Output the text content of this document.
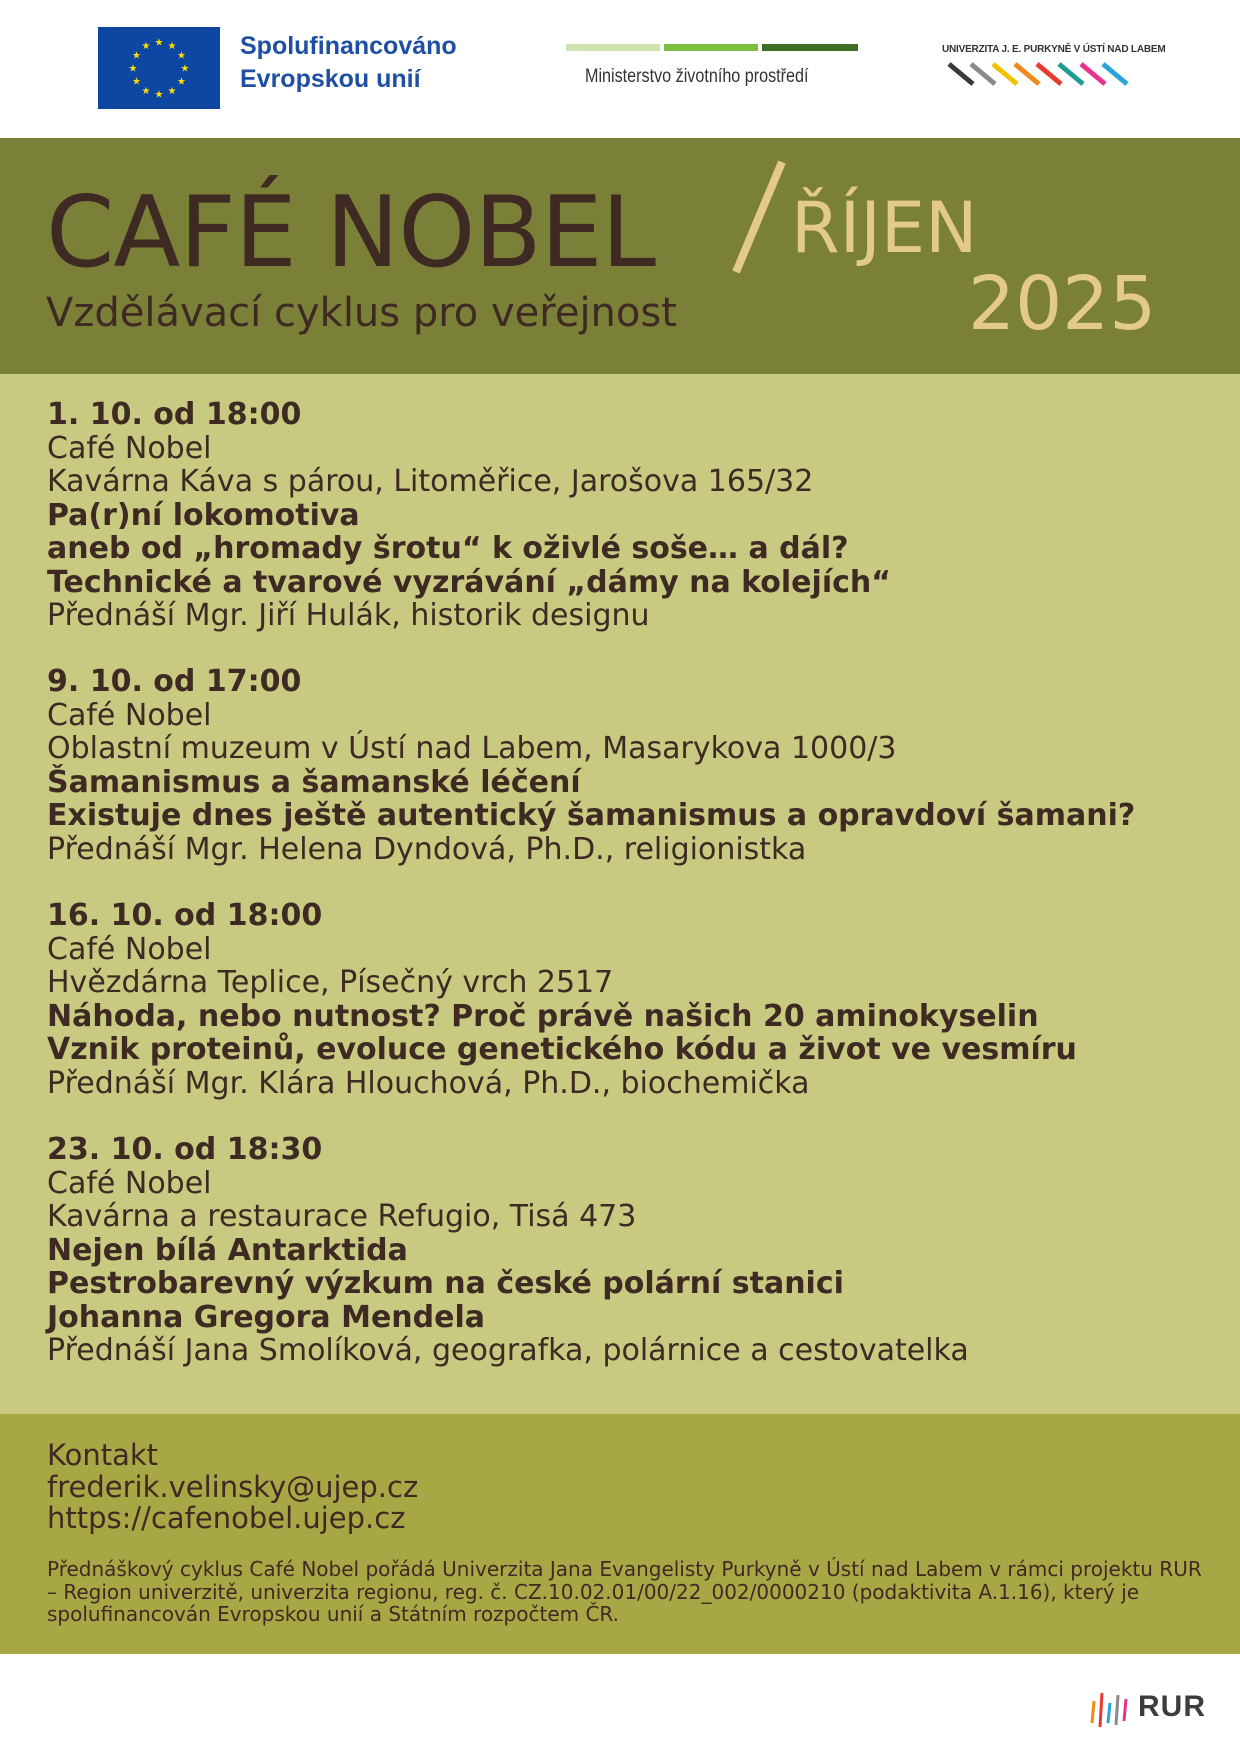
★ ★
★
★
★
★
★
★
★
★
★
★	Spolufinancováno
Evropskou unií	Ministerstvo životního prostředí
UNIVERZITA J. E. PURKYNĚ V ÚSTÍ NAD LABEM
CAFÉ NOBEL ŘÍJEN
2025
Vzdělávací cyklus pro veřejnost
1. 10. od 18:00
Café Nobel
Kavárna Káva s párou, Litoměřice, Jarošova 165/32
Pa(r)ní lokomotiva
aneb od „hromady šrotu“ k oživlé soše… a dál?
Technické a tvarové vyzrávání „dámy na kolejích“
Přednáší Mgr. Jiří Hulák, historik designu
9. 10. od 17:00
Café Nobel
Oblastní muzeum v Ústí nad Labem, Masarykova 1000/3
Šamanismus a šamanské léčení
Existuje dnes ještě autentický šamanismus a opravdoví šamani?
Přednáší Mgr. Helena Dyndová, Ph.D., religionistka
16. 10. od 18:00
Café Nobel
Hvězdárna Teplice, Písečný vrch 2517
Náhoda, nebo nutnost? Proč právě našich 20 aminokyselin
Vznik proteinů, evoluce genetického kódu a život ve vesmíru
Přednáší Mgr. Klára Hlouchová, Ph.D., biochemička
23. 10. od 18:30
Café Nobel
Kavárna a restaurace Refugio, Tisá 473
Nejen bílá Antarktida
Pestrobarevný výzkum na české polární stanici
Johanna Gregora Mendela
Přednáší Jana Smolíková, geografka, polárnice a cestovatelka
Kontakt
frederik.velinsky@ujep.cz
https://cafenobel.ujep.cz
Přednáškový cyklus Café Nobel pořádá Univerzita Jana Evangelisty Purkyně v Ústí nad Labem v rámci projektu RUR – Region univerzitě, univerzita regionu, reg. č. CZ.10.02.01/00/22_002/0000210 (podaktivita A.1.16), který je spolufinancován Evropskou unií a Státním rozpočtem ČR.
RUR
